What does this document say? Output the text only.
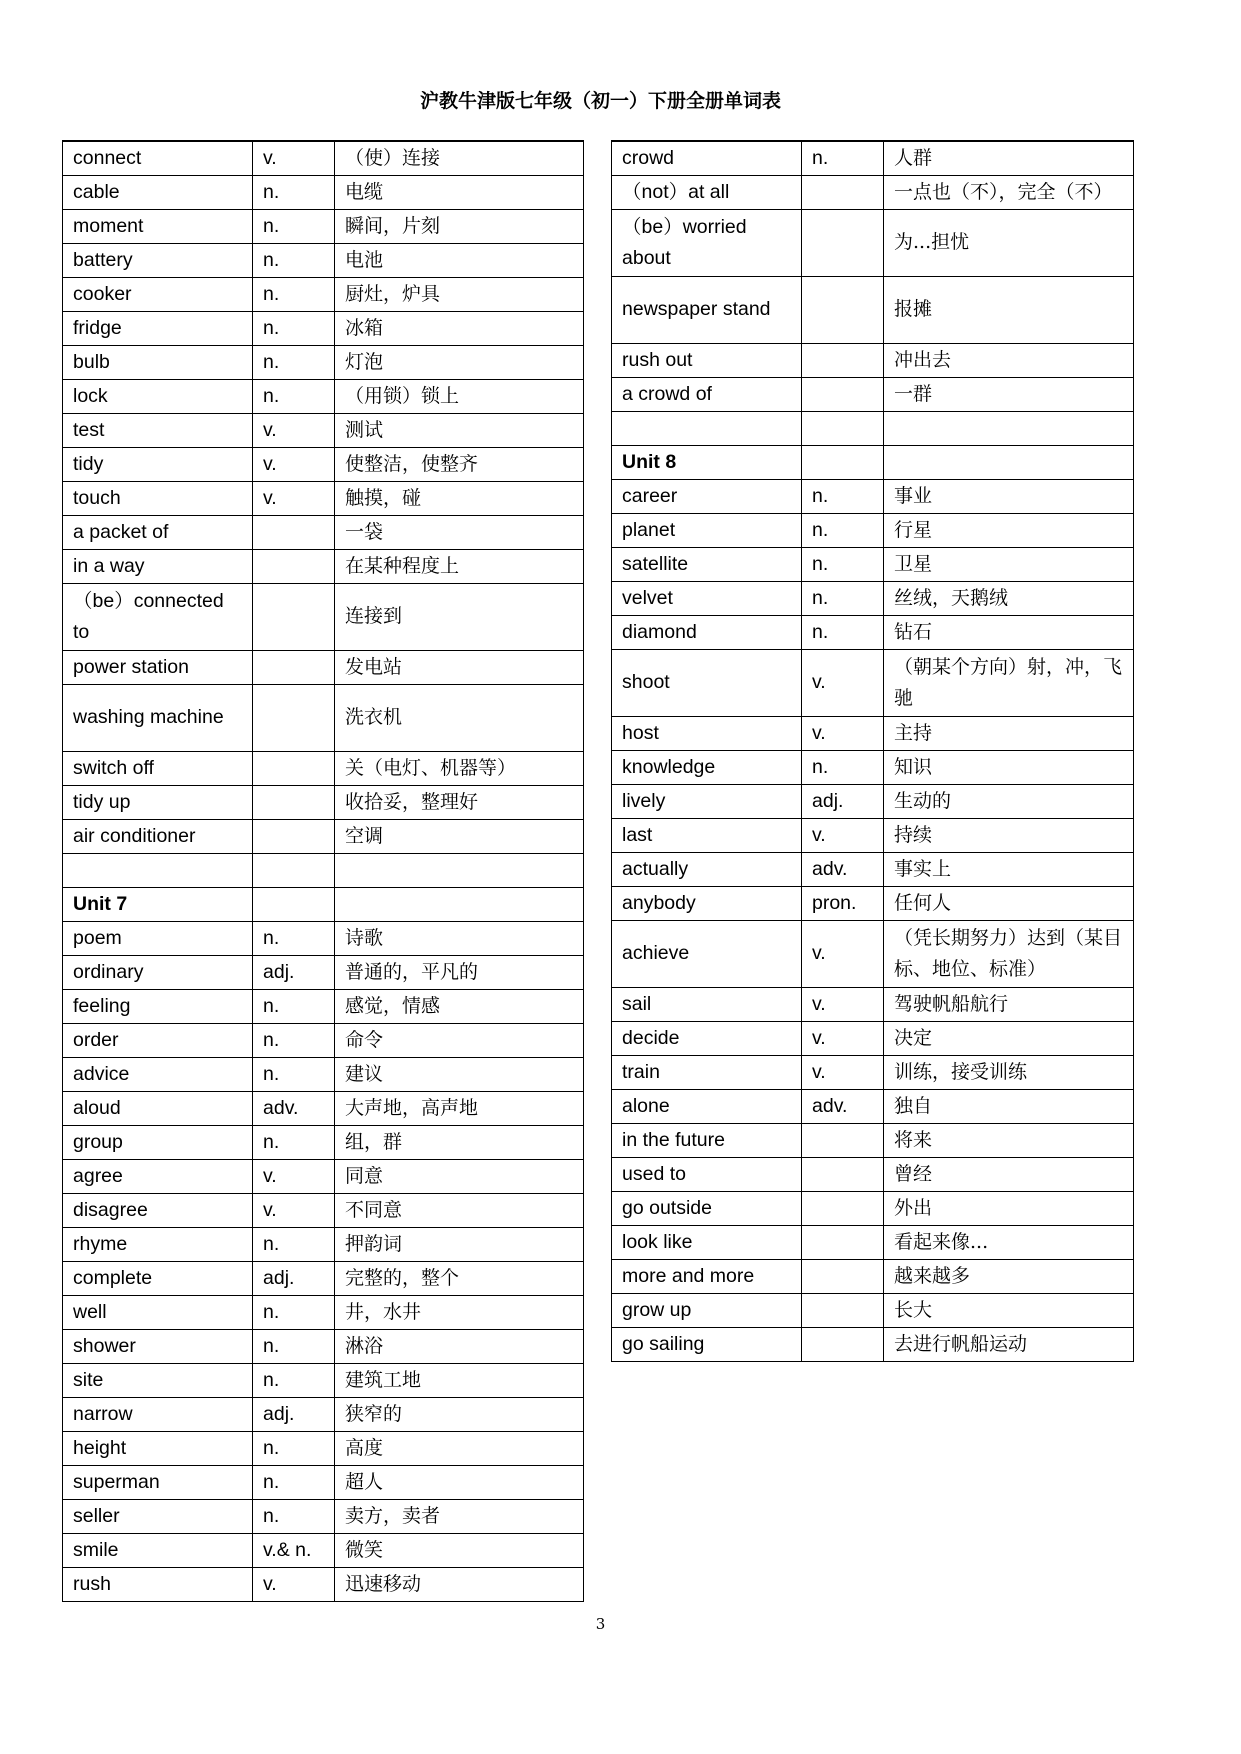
沪教牛津版七年级（初一）下册全册单词表
connect	v.	（使）连接
cable	n.	电缆
moment	n.	瞬间，片刻
battery	n.	电池
cooker	n.	厨灶，炉具
fridge	n.	冰箱
bulb	n.	灯泡
lock	n.	（用锁）锁上
test	v.	测试
tidy	v.	使整洁，使整齐
touch	v.	触摸，碰
a packet of		一袋
in a way		在某种程度上
（be）connected to		连接到
power station		发电站
washing machine		洗衣机
switch off		关（电灯、机器等）
tidy up		收拾妥，整理好
air conditioner		空调

Unit 7		
poem	n.	诗歌
ordinary	adj.	普通的，平凡的
feeling	n.	感觉，情感
order	n.	命令
advice	n.	建议
aloud	adv.	大声地，高声地
group	n.	组，群
agree	v.	同意
disagree	v.	不同意
rhyme	n.	押韵词
complete	adj.	完整的，整个
well	n.	井，水井
shower	n.	淋浴
site	n.	建筑工地
narrow	adj.	狭窄的
height	n.	高度
superman	n.	超人
seller	n.	卖方，卖者
smile	v.& n.	微笑
rush	v.	迅速移动
crowd	n.	人群
（not）at all		一点也（不），完全（不）
（be）worried about		为...担忧
newspaper stand		报摊
rush out		冲出去
a crowd of		一群

Unit 8		
career	n.	事业
planet	n.	行星
satellite	n.	卫星
velvet	n.	丝绒，天鹅绒
diamond	n.	钻石
shoot	v.	（朝某个方向）射，冲，飞驰
host	v.	主持
knowledge	n.	知识
lively	adj.	生动的
last	v.	持续
actually	adv.	事实上
anybody	pron.	任何人
achieve	v.	（凭长期努力）达到（某目标、地位、标准）
sail	v.	驾驶帆船航行
decide	v.	决定
train	v.	训练，接受训练
alone	adv.	独自
in the future		将来
used to		曾经
go outside		外出
look like		看起来像...
more and more		越来越多
grow up		长大
go sailing		去进行帆船运动
3
